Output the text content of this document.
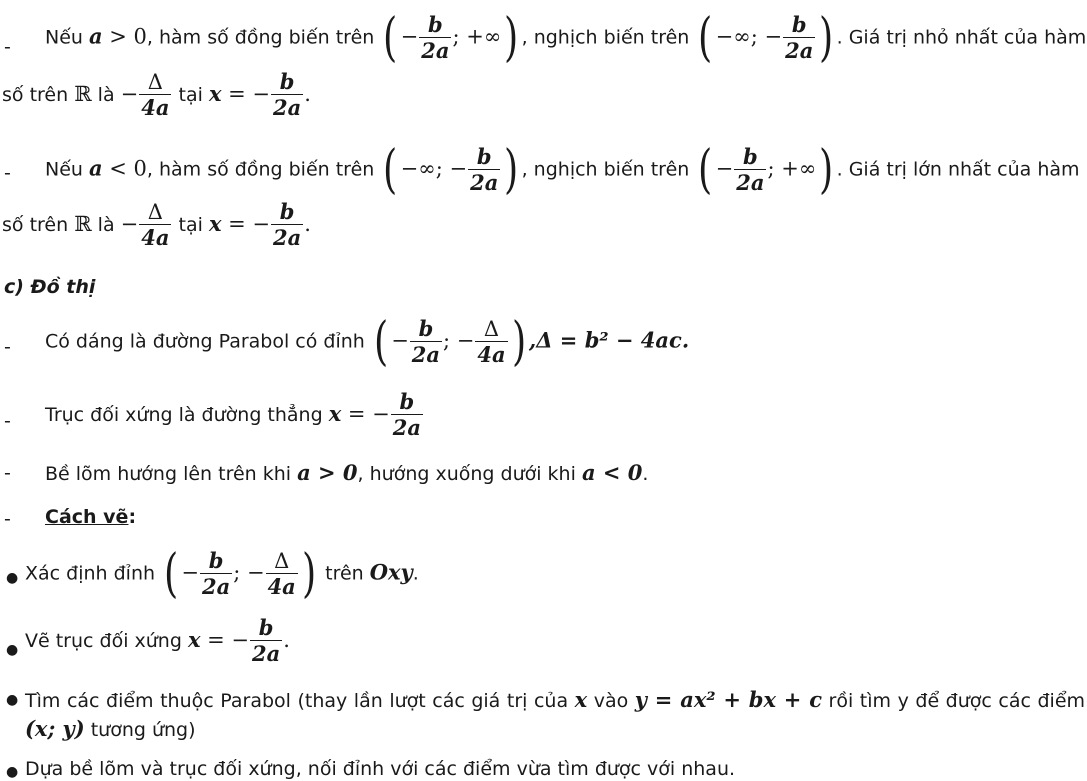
- Nếu a > 0, hàm số đồng biến trên ( − $\frac{b}{2a}$ ; +∞) , nghịch biến trên ( −∞; − $\frac{b}{2a}$ ) . Giá trị nhỏ nhất của hàm
số trên ℝ là − $\frac{\Delta}{4a}$ tại x = − $\frac{b}{2a}$ .
- Nếu a < 0, hàm số đồng biến trên ( −∞; − $\frac{b}{2a}$ ) , nghịch biến trên ( − $\frac{b}{2a}$ ; +∞) . Giá trị lớn nhất của hàm
số trên ℝ là − $\frac{\Delta}{4a}$ tại x = − $\frac{b}{2a}$ .
c) Đồ thị
- Có dáng là đường Parabol có đỉnh ( − $\frac{b}{2a}$ ; − $\frac{\Delta}{4a}$ ) ,Δ = b² − 4ac.
- Trục đối xứng là đường thẳng x = − $\frac{b}{2a}$
- Bề lõm hướng lên trên khi a > 0, hướng xuống dưới khi a < 0.
- Cách vẽ:
● Xác định đỉnh ( − $\frac{b}{2a}$ ; − $\frac{\Delta}{4a}$ ) trên Oxy.
● Vẽ trục đối xứng x = − $\frac{b}{2a}$ .
● Tìm các điểm thuộc Parabol (thay lần lượt các giá trị của x vào y = ax² + bx + c rồi tìm y để được các điểm (x; y) tương ứng)
● Dựa bề lõm và trục đối xứng, nối đỉnh với các điểm vừa tìm được với nhau.
